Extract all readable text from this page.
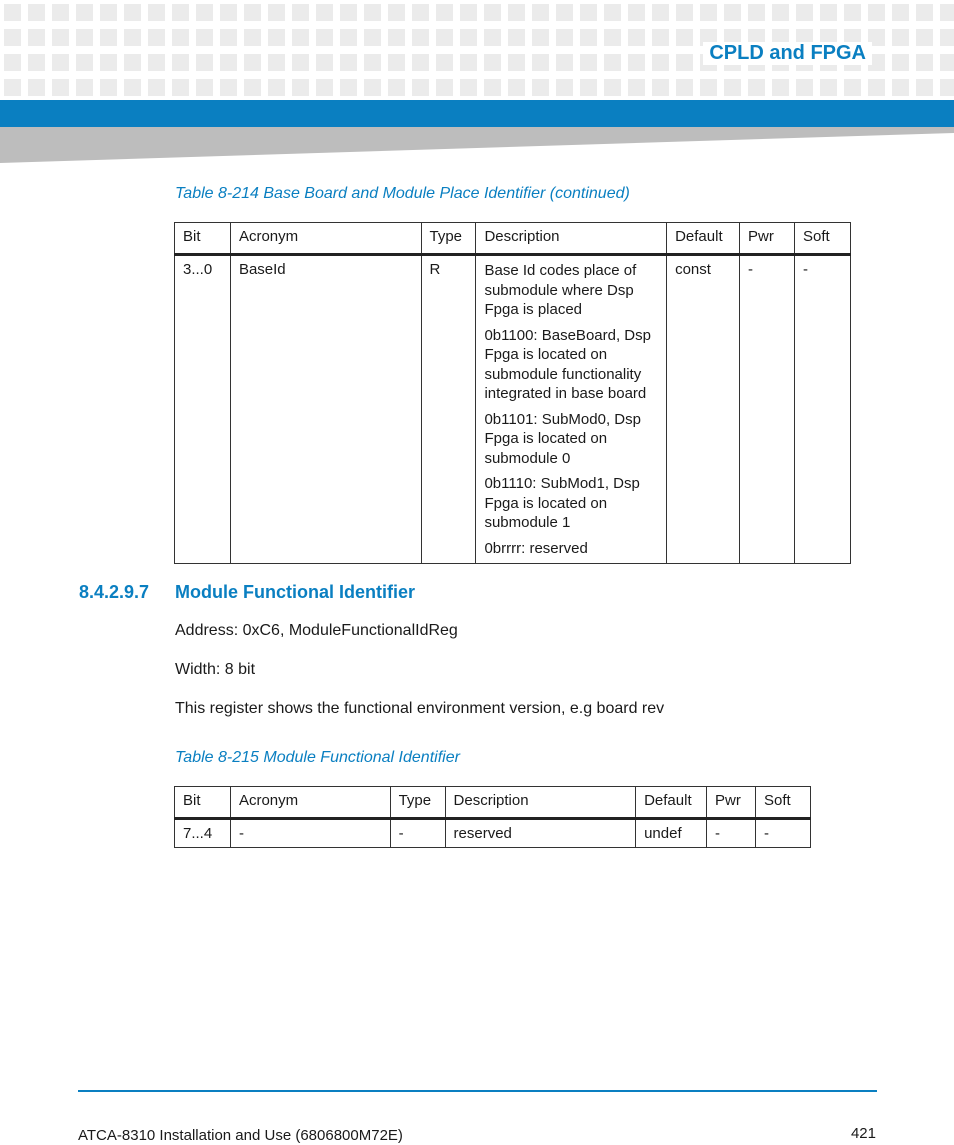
CPLD and FPGA
Table 8-214 Base Board and Module Place Identifier (continued)
Bit	Acronym	Type	Description	Default	Pwr	Soft
3...0	BaseId	R	Base Id codes place of submodule where Dsp Fpga is placed

0b1100: BaseBoard, Dsp Fpga is located on submodule functionality integrated in base board

0b1101: SubMod0, Dsp Fpga is located on submodule 0

0b1110: SubMod1, Dsp Fpga is located on submodule 1

0brrrr: reserved	const	-	-
8.4.2.9.7 Module Functional Identifier
Address: 0xC6, ModuleFunctionalIdReg
Width: 8 bit
This register shows the functional environment version, e.g board rev
Table 8-215 Module Functional Identifier
Bit	Acronym	Type	Description	Default	Pwr	Soft
7...4	-	-	reserved	undef	-	-
ATCA-8310 Installation and Use (6806800M72E)	421
